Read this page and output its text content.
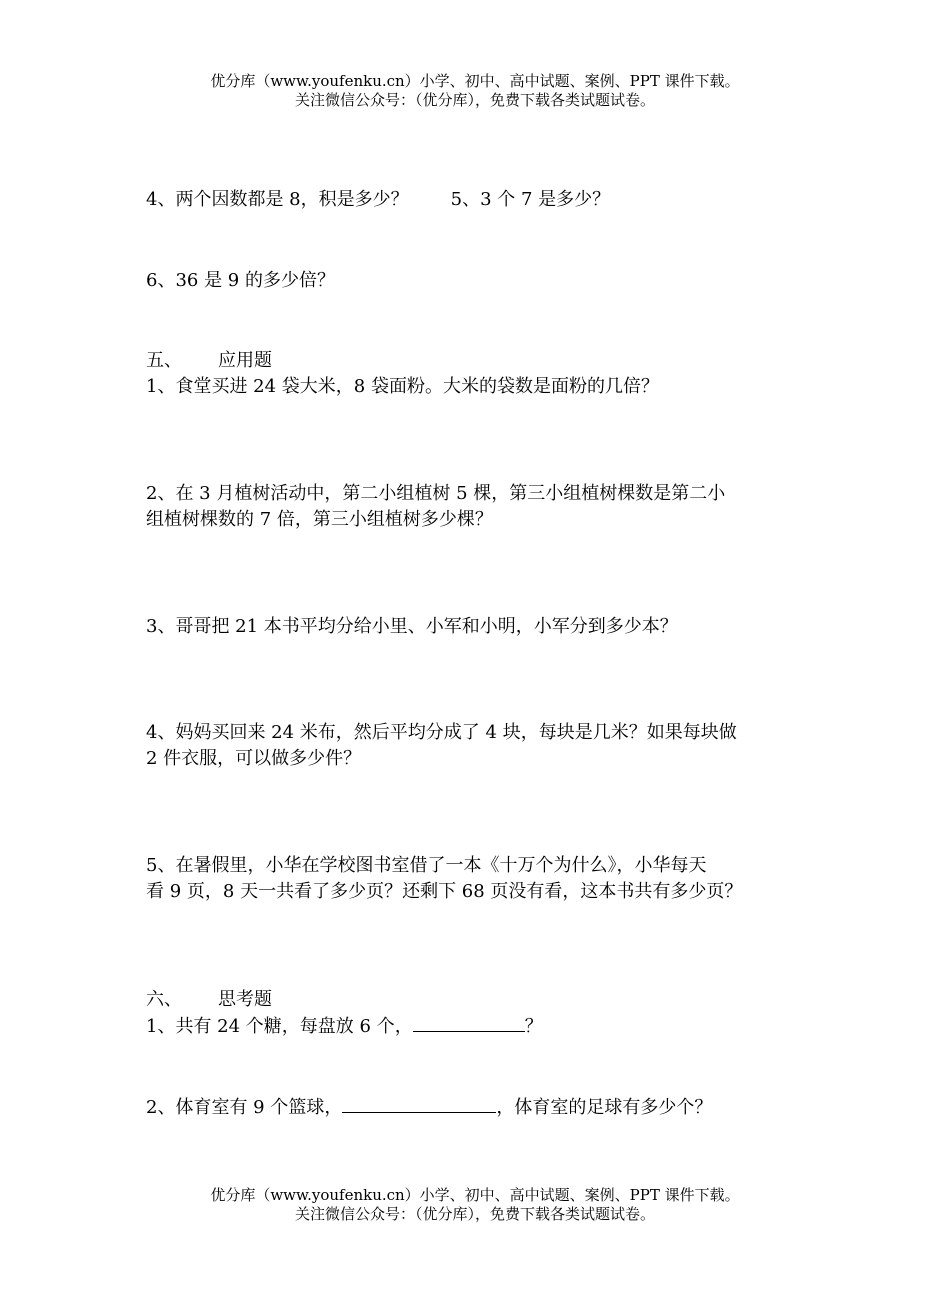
优分库（www.youfenku.cn）小学、初中、高中试题、案例、PPT 课件下载。
关注微信公众号：（优分库），免费下载各类试题试卷。
4、两个因数都是 8，积是多少？ 5、3 个 7 是多少？
6、36 是 9 的多少倍？
五、 应用题
1、食堂买进 24 袋大米，8 袋面粉。大米的袋数是面粉的几倍？
2、在 3 月植树活动中，第二小组植树 5 棵，第三小组植树棵数是第二小
组植树棵数的 7 倍，第三小组植树多少棵？
3、哥哥把 21 本书平均分给小里、小军和小明，小军分到多少本？
4、妈妈买回来 24 米布，然后平均分成了 4 块，每块是几米？如果每块做
2 件衣服，可以做多少件？
5、在暑假里，小华在学校图书室借了一本《十万个为什么》，小华每天
看 9 页，8 天一共看了多少页？还剩下 68 页没有看，这本书共有多少页？
六、 思考题
1、共有 24 个糖，每盘放 6 个，	？
2、体育室有 9 个篮球，	，体育室的足球有多少个？
优分库（www.youfenku.cn）小学、初中、高中试题、案例、PPT 课件下载。
关注微信公众号：（优分库），免费下载各类试题试卷。
